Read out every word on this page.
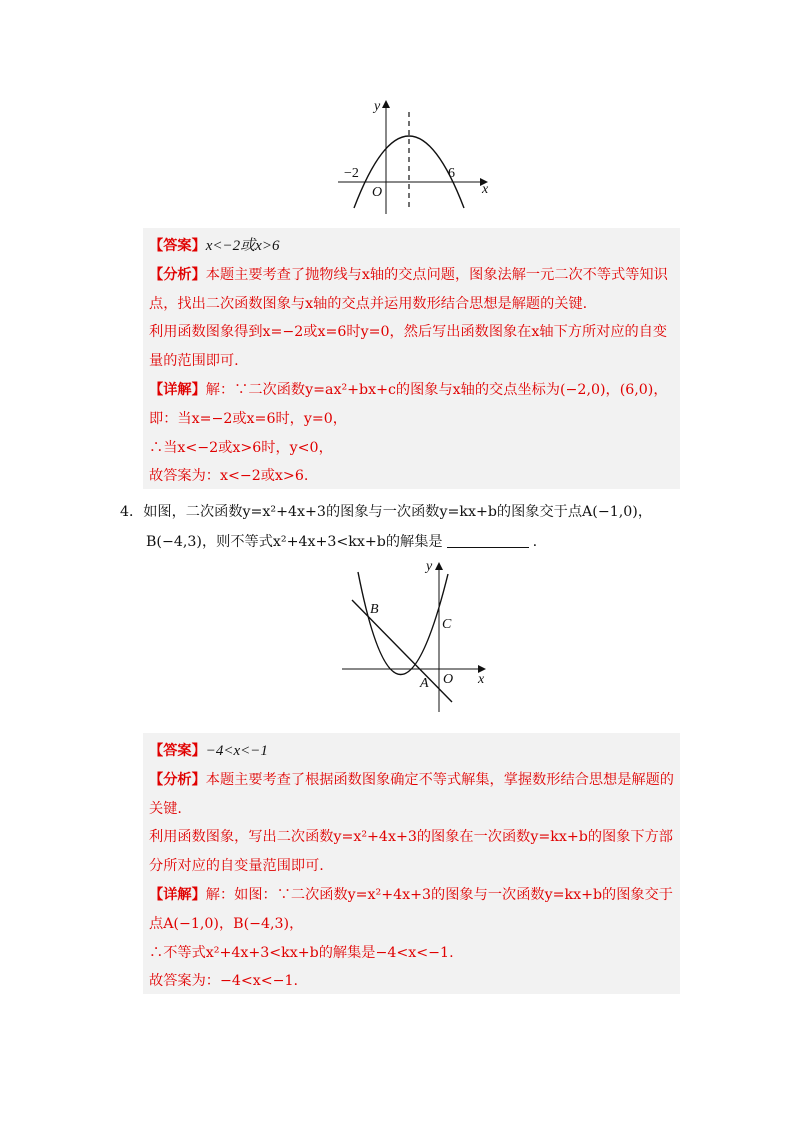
y
x
O
−2	6

【答案】x<−2或x>6

【分析】本题主要考查了抛物线与x轴的交点问题，图象法解一元二次不等式等知识点，找出二次函数图象与x轴的交点并运用数形结合思想是解题的关键.

利用函数图象得到x=−2或x=6时y=0，然后写出函数图象在x轴下方所对应的自变量的范围即可.

【详解】解：∵二次函数y=ax²+bx+c的图象与x轴的交点坐标为(−2,0)，(6,0)，

即：当x=−2或x=6时，y=0，

∴当x<−2或x>6时，y<0，

故答案为：x<−2或x>6.

4．如图，二次函数y=x²+4x+3的图象与一次函数y=kx+b的图象交于点A(−1,0)，
B(−4,3)，则不等式x²+4x+3<kx+b的解集是	.
y
x
O
A
B
C

【答案】−4<x<−1

【分析】本题主要考查了根据函数图象确定不等式解集，掌握数形结合思想是解题的关键.

利用函数图象，写出二次函数y=x²+4x+3的图象在一次函数y=kx+b的图象下方部分所对应的自变量范围即可.

【详解】解：如图：∵二次函数y=x²+4x+3的图象与一次函数y=kx+b的图象交于点A(−1,0)，B(−4,3)，

∴不等式x²+4x+3<kx+b的解集是−4<x<−1.

故答案为：−4<x<−1.
